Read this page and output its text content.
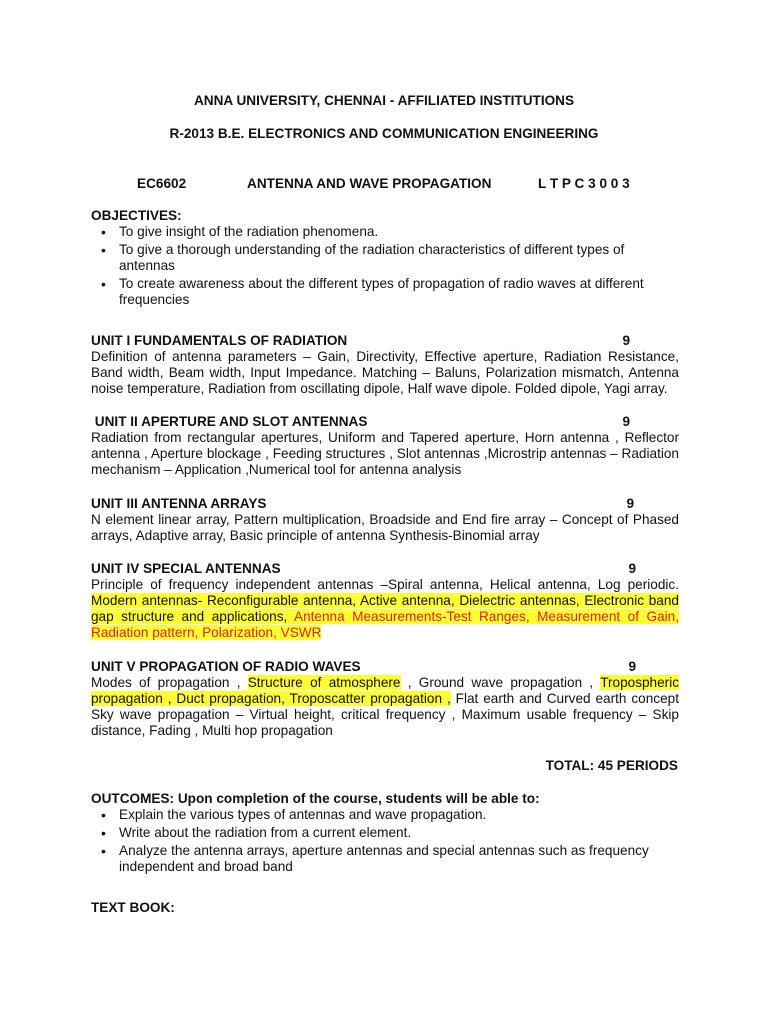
ANNA UNIVERSITY, CHENNAI - AFFILIATED INSTITUTIONS
R-2013 B.E. ELECTRONICS AND COMMUNICATION ENGINEERING
EC6602	ANTENNA AND WAVE PROPAGATION	L T P C 3 0 0 3
OBJECTIVES:
• To give insight of the radiation phenomena.
• To give a thorough understanding of the radiation characteristics of different types of antennas
• To create awareness about the different types of propagation of radio waves at different frequencies
UNIT I FUNDAMENTALS OF RADIATION	9
Definition of antenna parameters – Gain, Directivity, Effective aperture, Radiation Resistance, Band width, Beam width, Input Impedance. Matching – Baluns, Polarization mismatch, Antenna noise temperature, Radiation from oscillating dipole, Half wave dipole. Folded dipole, Yagi array.
UNIT II APERTURE AND SLOT ANTENNAS	9
Radiation from rectangular apertures, Uniform and Tapered aperture, Horn antenna , Reflector antenna , Aperture blockage , Feeding structures , Slot antennas ,Microstrip antennas – Radiation mechanism – Application ,Numerical tool for antenna analysis
UNIT III ANTENNA ARRAYS	9
N element linear array, Pattern multiplication, Broadside and End fire array – Concept of Phased arrays, Adaptive array, Basic principle of antenna Synthesis-Binomial array
UNIT IV SPECIAL ANTENNAS	9
Principle of frequency independent antennas –Spiral antenna, Helical antenna, Log periodic. Modern antennas- Reconfigurable antenna, Active antenna, Dielectric antennas, Electronic band gap structure and applications, Antenna Measurements-Test Ranges, Measurement of Gain, Radiation pattern, Polarization, VSWR
UNIT V PROPAGATION OF RADIO WAVES	9
Modes of propagation , Structure of atmosphere , Ground wave propagation , Tropospheric propagation , Duct propagation, Troposcatter propagation , Flat earth and Curved earth concept Sky wave propagation – Virtual height, critical frequency , Maximum usable frequency – Skip distance, Fading , Multi hop propagation
TOTAL: 45 PERIODS
OUTCOMES: Upon completion of the course, students will be able to:
• Explain the various types of antennas and wave propagation.
• Write about the radiation from a current element.
• Analyze the antenna arrays, aperture antennas and special antennas such as frequency independent and broad band
TEXT BOOK:
